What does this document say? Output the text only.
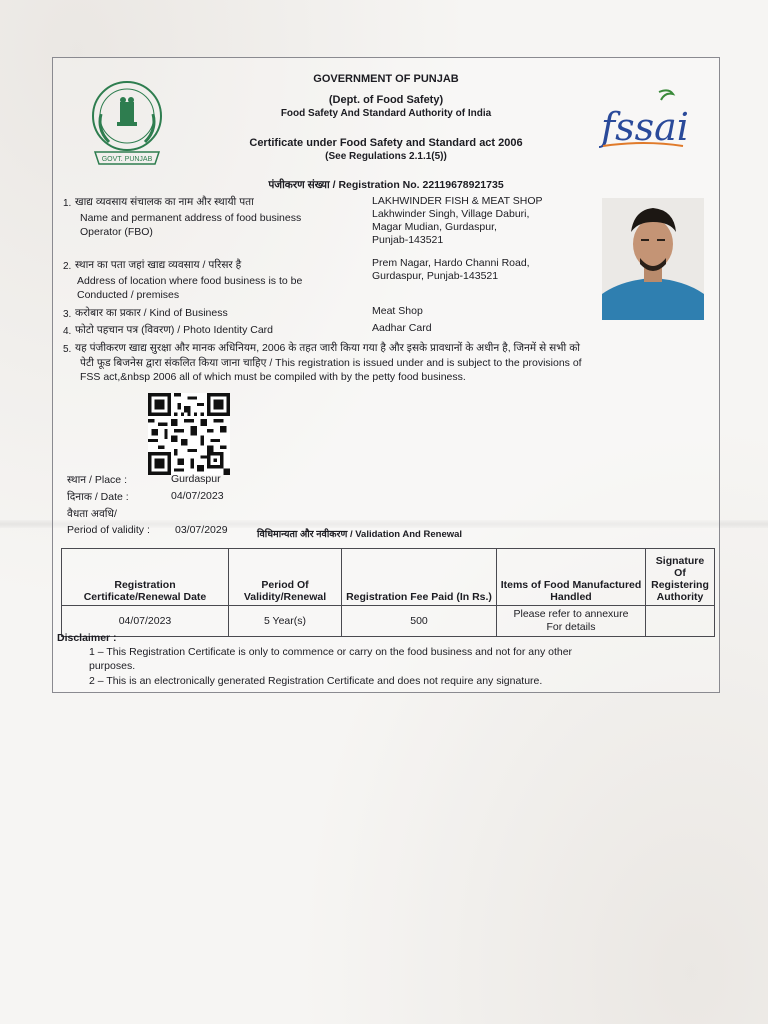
GOVT. PUNJAB
fssai
GOVERNMENT OF PUNJAB
(Dept. of Food Safety)
Food Safety And Standard Authority of India
Certificate under Food Safety and Standard act 2006
(See Regulations 2.1.1(5))
पंजीकरण संख्या / Registration No. 22119678921735
1. खाद्य व्यवसाय संचालक का नाम और स्थायी पता
Name and permanent address of food business
Operator (FBO)
LAKHWINDER FISH & MEAT SHOP
Lakhwinder Singh, Village Daburi,
Magar Mudian, Gurdaspur,
Punjab-143521
2. स्थान का पता जहां खाद्य व्यवसाय / परिसर है
Address of location where food business is to be
Conducted / premises
Prem Nagar, Hardo Channi Road,
Gurdaspur, Punjab-143521
3. करोबार का प्रकार / Kind of Business	Meat Shop
4. फोटो पहचान पत्र (विवरण) / Photo Identity Card	Aadhar Card
5. यह पंजीकरण खाद्य सुरक्षा और मानक अधिनियम, 2006 के तहत जारी किया गया है और इसके प्रावधानों के अधीन है, जिनमें से सभी को
पेटी फूड बिजनेस द्वारा संकलित किया जाना चाहिए / This registration is issued under and is subject to the provisions of
FSS act,&nbsp 2006 all of which must be compiled with by the petty food business.
स्थान / Place :	Gurdaspur
दिनाक / Date :	04/07/2023
वैधता अवधि/
Period of validity : 03/07/2029	विधिमान्यता और नवीकरण / Validation And Renewal
Registration Certificate/Renewal Date	Period Of Validity/Renewal	Registration Fee Paid (In Rs.)	Items of Food Manufactured Handled	Signature Of Registering Authority
04/07/2023	5 Year(s)	500	Please refer to annexure
For details	

Disclaimer :
1 – This Registration Certificate is only to commence or carry on the food business and not for any other
purposes.
2 – This is an electronically generated Registration Certificate and does not require any signature.
